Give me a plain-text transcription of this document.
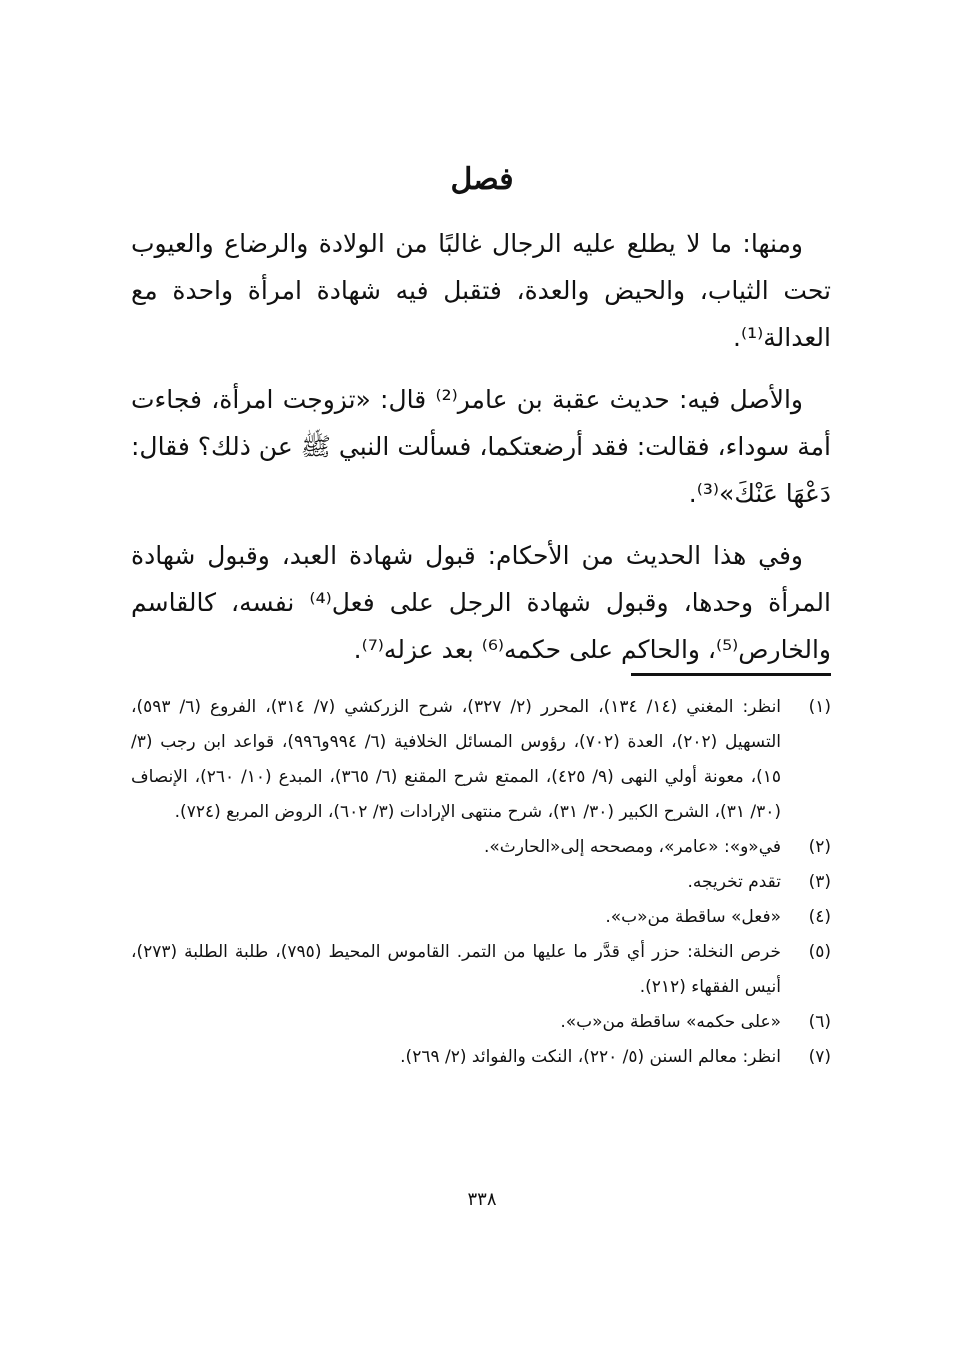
فصل

ومنها: ما لا يطلع عليه الرجال غالبًا من الولادة والرضاع والعيوب تحت الثياب، والحيض والعدة، فتقبل فيه شهادة امرأة واحدة مع العدالة⁽¹⁾.

والأصل فيه: حديث عقبة بن عامر⁽²⁾ قال: «تزوجت امرأة، فجاءت أمة سوداء، فقالت: فقد أرضعتكما، فسألت النبي ﷺ عن ذلك؟ فقال: دَعْهَا عَنْكَ»⁽³⁾.

وفي هذا الحديث من الأحكام: قبول شهادة العبد، وقبول شهادة المرأة وحدها، وقبول شهادة الرجل على فعل⁽⁴⁾ نفسه، كالقاسم والخارص⁽⁵⁾، والحاكم على حكمه⁽⁶⁾ بعد عزله⁽⁷⁾.

(١)
انظر: المغني (١٤/ ١٣٤)، المحرر (٢/ ٣٢٧)، شرح الزركشي (٧/ ٣١٤)، الفروع (٦/ ٥٩٣)، التسهيل (٢٠٢)، العدة (٧٠٢)، رؤوس المسائل الخلافية (٦/ ٩٩٤و٩٩٦)، قواعد ابن رجب (٣/ ١٥)، معونة أولي النهى (٩/ ٤٢٥)، الممتع شرح المقنع (٦/ ٣٦٥)، المبدع (١٠/ ٢٦٠)، الإنصاف (٣٠/ ٣١)، الشرح الكبير (٣٠/ ٣١)، شرح منتهى الإرادات (٣/ ٦٠٢)، الروض المربع (٧٢٤).
(٢)
في«و»: «عامر»، ومصححه إلى«الحارث».
(٣)
تقدم تخريجه.
(٤)
«فعل» ساقطة من«ب».
(٥)
خرص النخلة: حزر أي قدَّر ما عليها من التمر. القاموس المحيط (٧٩٥)، طلبة الطلبة (٢٧٣)، أنيس الفقهاء (٢١٢).
(٦)
«على حكمه» ساقطة من«ب».
(٧)
انظر: معالم السنن (٥/ ٢٢٠)، النكت والفوائد (٢/ ٢٦٩).
٣٣٨
